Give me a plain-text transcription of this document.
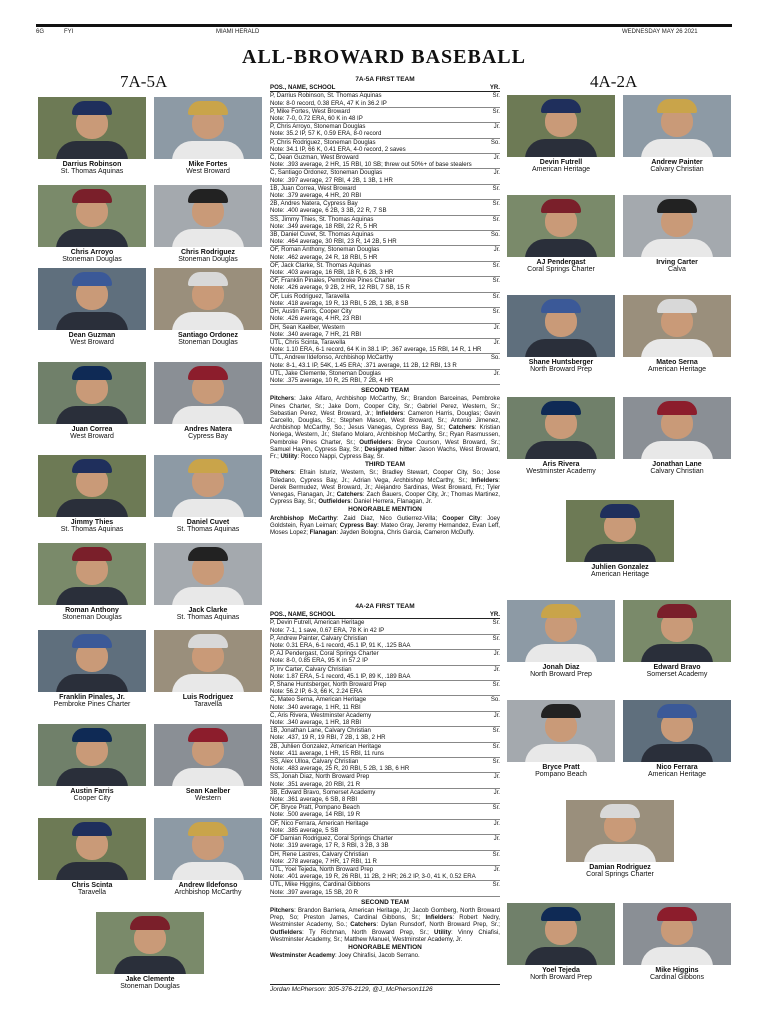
6G	FYI	MIAMI HERALD	WEDNESDAY MAY 26 2021
ALL-BROWARD BASEBALL
7A-5A	4A-2A
Darrius Robinson
St. Thomas Aquinas
Mike Fortes
West Broward
Chris Arroyo
Stoneman Douglas
Chris Rodriguez
Stoneman Douglas
Dean Guzman
West Broward
Santiago Ordonez
Stoneman Douglas
Juan Correa
West Broward
Andres Natera
Cypress Bay
Jimmy Thies
St. Thomas Aquinas
Daniel Cuvet
St. Thomas Aquinas
Roman Anthony
Stoneman Douglas
Jack Clarke
St. Thomas Aquinas
Franklin Pinales, Jr.
Pembroke Pines Charter
Luis Rodriguez
Taravella
Austin Farris
Cooper City
Sean Kaelber
Western
Chris Scinta
Taravella
Andrew Ildefonso
Archbishop McCarthy
Jake Clemente
Stoneman Douglas
Devin Futrell
American Heritage
Andrew Painter
Calvary Christian
AJ Pendergast
Coral Springs Charter
Irving Carter
Calva
Shane Huntsberger
North Broward Prep
Mateo Serna
American Heritage
Aris Rivera
Westminster Academy
Jonathan Lane
Calvary Christian
Juhlien Gonzalez
American Heritage
Jonah Diaz
North Broward Prep
Edward Bravo
Somerset Academy
Bryce Pratt
Pompano Beach
Nico Ferrara
American Heritage
Damian Rodriguez
Coral Springs Charter
Yoel Tejeda
North Broward Prep
Mike Higgins
Cardinal Gibbons
7A-5A FIRST TEAM
POS., NAME, SCHOOL	YR.
P, Darrius Robinson, St. Thomas Aquinas
Note: 8-0 record, 0.38 ERA, 47 K in 36.2 IP
Sr.
P, Mike Fortes, West Broward
Note: 7-0, 0.72 ERA, 60 K in 48 IP
Sr.
P, Chris Arroyo, Stoneman Douglas
Note: 35.2 IP, 57 K, 0.59 ERA, 8-0 record
Jr.
P, Chris Rodriguez, Stoneman Douglas
Note: 34.1 IP, 66 K, 0.41 ERA, 4-0 record, 2 saves
So.
C, Dean Guzman, West Broward
Note: .393 average, 2 HR, 15 RBI, 10 SB; threw out 50%+ of base stealers
Jr.
C, Santiago Ordonez, Stoneman Douglas
Note: .397 average, 27 RBI, 4 2B, 1 3B, 1 HR
Jr.
1B, Juan Correa, West Broward
Note: .379 average, 4 HR, 20 RBI
Sr.
2B, Andres Natera, Cypress Bay
Note: .400 average, 6 2B, 3 3B, 22 R, 7 SB
Sr.
SS, Jimmy Thies, St. Thomas Aquinas
Note: .349 average, 18 RBI, 22 R, 5 HR
Sr.
3B, Daniel Cuvet, St. Thomas Aquinas
Note: .464 average, 30 RBI, 23 R, 14 2B, 5 HR
So.
OF, Roman Anthony, Stoneman Douglas
Note: .462 average, 24 R, 18 RBI, 5 HR
Jr.
OF, Jack Clarke, St. Thomas Aquinas
Note: .403 average, 16 RBI, 18 R, 6 2B, 3 HR
Sr.
OF, Franklin Pinales, Pembroke Pines Charter
Note: .426 average, 9 2B, 2 HR, 12 RBI, 7 SB, 15 R
Sr.
OF, Luis Rodriguez, Taravella
Note: .418 average, 19 R, 13 RBI, 5 2B, 1 3B, 8 SB
Sr.
DH, Austin Farris, Cooper City
Note: .426 average, 4 HR, 23 RBI
Sr.
DH, Sean Kaelber, Western
Note: .340 average, 7 HR, 21 RBI
Jr.
UTL, Chris Scinta, Taravella
Note: 1.10 ERA, 6-1 record, 64 K in 38.1 IP; .367 average, 15 RBI, 14 R, 1 HR
Jr.
UTL, Andrew Ildefonso, Archbishop McCarthy
Note: 8-1, 43.1 IP, 54K, 1.45 ERA; .371 average, 11 2B, 12 RBI, 13 R
So.
UTL, Jake Clemente, Stoneman Douglas
Note: .375 average, 10 R, 25 RBI, 7 2B, 4 HR
Jr.
SECOND TEAM
Pitchers: Jake Alfaro, Archbishop McCarthy, Sr.; Brandon Barceinas, Pembroke Pines Charter, Sr.; Jake Dorn, Cooper City, Sr.; Gabriel Perez, Western, Sr.; Sebastian Perez, West Broward, Jr.; Infielders: Cameron Harris, Douglas; Gavin Carcello, Douglas, Sr.; Stephen Mason, West Broward, Sr.; Antonio Jimenez, Archbishop McCarthy, So.; Jesus Vanegas, Cypress Bay, Sr.; Catchers: Kristian Noriega, Western, Jr.; Stefano Molaro, Archbishop McCarthy, Sr.; Ryan Rasmussen, Pembroke Pines Charter, Sr.; Outfielders: Bryce Courson, West Broward, Sr.; Samuel Hayen, Cypress Bay, Sr.; Designated hitter: Jason Wachs, West Broward, Fr.; Utility: Rocco Nappi, Cypress Bay, Sr.
THIRD TEAM
Pitchers: Efrain Isturiz, Western, Sr.; Bradley Stewart, Cooper City, So.; Jose Toledano, Cypress Bay, Jr.; Adrian Vega, Archbishop McCarthy, Sr.; Infielders: Derek Bermudez, West Broward, Jr.; Alejandro Sardinas, West Broward, Fr.; Tyler Venegas, Flanagan, Jr.; Catchers: Zach Bauers, Cooper City, Jr.; Thomas Martinez, Cypress Bay, Sr.; Outfielders: Daniel Herrera, Flanagan, Jr.
HONORABLE MENTION
Archbishop McCarthy: Zaid Diaz, Nico Gutierrez-Villa; Cooper City: Joey Goldstein, Ryan Leiman; Cypress Bay: Mateo Gray, Jeremy Hernandez, Evan Leff, Moses Lopez; Flanagan: Jayden Bologna, Chris Garcia, Cameron McDuffy.
4A-2A FIRST TEAM
POS., NAME, SCHOOL	YR.
P, Devin Futrell, American Heritage
Note: 7-1, 1 save, 0.67 ERA, 78 K in 42 IP
Sr.
P, Andrew Painter, Calvary Christian
Note: 0.31 ERA, 6-1 record, 45.1 IP, 91 K, .125 BAA
Sr.
P, AJ Pendergast, Coral Springs Charter
Note: 8-0, 0.85 ERA, 95 K in 57.2 IP
Jr.
P, Irv Carter, Calvary Christian
Note: 1.87 ERA, 5-1 record, 45.1 IP, 89 K, .189 BAA
Jr.
P, Shane Huntsberger, North Broward Prep
Note: 56.2 IP, 6-3, 66 K, 2.24 ERA
Sr.
C, Mateo Serna, American Heritage
Note: .340 average, 1 HR, 11 RBI
So.
C, Aris Rivera, Westminster Academy
Note: .340 average, 1 HR, 18 RBI
Jr.
1B, Jonathan Lane, Calvary Christian
Note: .437, 19 R, 19 RBI, 7 2B, 1 3B, 2 HR
Sr.
2B, Juhlien Gonzalez, American Heritage
Note: .411 average, 1 HR, 15 RBI, 11 runs
Sr.
SS, Alex Ulloa, Calvary Christian
Note: .483 average, 25 R, 20 RBI, 5 2B, 1 3B, 6 HR
Sr.
SS, Jonah Diaz, North Broward Prep
Note: .351 average, 20 RBI, 21 R
Jr.
3B, Edward Bravo, Somerset Academy
Note: .361 average, 6 SB, 8 RBI
Jr.
OF, Bryce Pratt, Pompano Beach
Note: .500 average, 14 RBI, 19 R
Sr.
OF, Nico Ferrara, American Heritage
Note: .385 average, 5 SB
Jr.
OF Damian Rodriguez, Coral Springs Charter
Note: .319 average, 17 R, 3 RBI, 3 2B, 3 3B
Jr.
DH, Rene Lastres, Calvary Christian
Note: .278 average, 7 HR, 17 RBI, 11 R
Sr.
UTL, Yoel Tejeda, North Broward Prep
Note: .401 average, 19 R, 26 RBI, 11 2B, 2 HR; 26.2 IP, 3-0, 41 K, 0.52 ERA
Jr.
UTL, Mike Higgins, Cardinal Gibbons
Note: .397 average, 15 SB, 20 R
Sr.
SECOND TEAM
Pitchers: Brandon Barriera, American Heritage, Jr; Jacob Gomberg, North Broward Prep, So; Preston James, Cardinal Gibbons, Sr.; Infielders: Robert Nedry, Westminster Academy, So.; Catchers: Dylan Runsdorf, North Broward Prep, Sr.; Outfielders: Ty Richman, North Broward Prep, Sr.; Utility: Vinny Chiafisi, Westminster Academy, Sr.; Matthew Manuel, Westminster Academy, Jr.
HONORABLE MENTION
Westminster Academy: Joey Chirafisi, Jacob Serrano.
Jordan McPherson: 305-376-2129, @J_McPherson1126
